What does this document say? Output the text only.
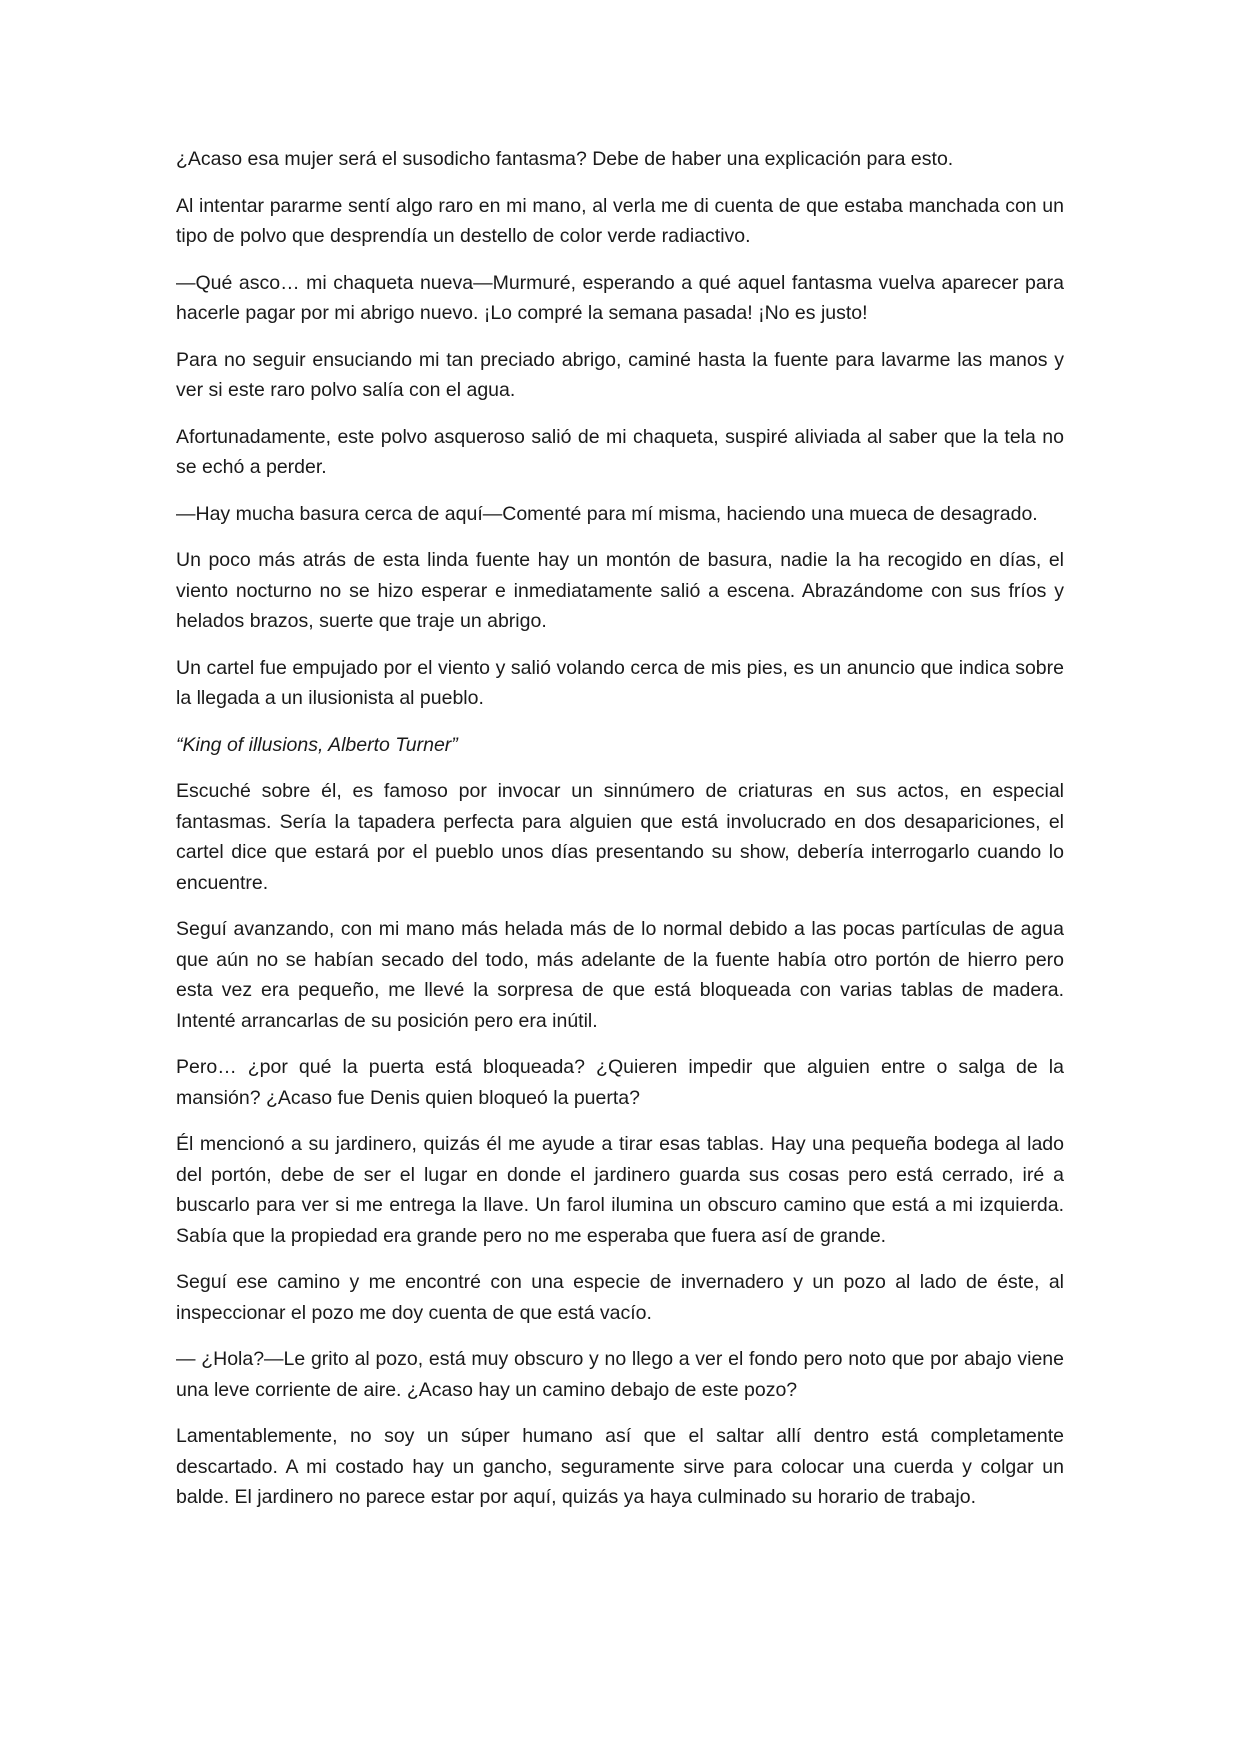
¿Acaso esa mujer será el susodicho fantasma? Debe de haber una explicación para esto.

Al intentar pararme sentí algo raro en mi mano, al verla me di cuenta de que estaba manchada con un tipo de polvo que desprendía un destello de color verde radiactivo.

—Qué asco… mi chaqueta nueva—Murmuré, esperando a qué aquel fantasma vuelva aparecer para hacerle pagar por mi abrigo nuevo. ¡Lo compré la semana pasada! ¡No es justo!

Para no seguir ensuciando mi tan preciado abrigo, caminé hasta la fuente para lavarme las manos y ver si este raro polvo salía con el agua.

Afortunadamente, este polvo asqueroso salió de mi chaqueta, suspiré aliviada al saber que la tela no se echó a perder.

—Hay mucha basura cerca de aquí—Comenté para mí misma, haciendo una mueca de desagrado.

Un poco más atrás de esta linda fuente hay un montón de basura, nadie la ha recogido en días, el viento nocturno no se hizo esperar e inmediatamente salió a escena. Abrazándome con sus fríos y helados brazos, suerte que traje un abrigo.

Un cartel fue empujado por el viento y salió volando cerca de mis pies, es un anuncio que indica sobre la llegada a un ilusionista al pueblo.

“King of illusions, Alberto Turner”

Escuché sobre él, es famoso por invocar un sinnúmero de criaturas en sus actos, en especial fantasmas. Sería la tapadera perfecta para alguien que está involucrado en dos desapariciones, el cartel dice que estará por el pueblo unos días presentando su show, debería interrogarlo cuando lo encuentre.

Seguí avanzando, con mi mano más helada más de lo normal debido a las pocas partículas de agua que aún no se habían secado del todo, más adelante de la fuente había otro portón de hierro pero esta vez era pequeño, me llevé la sorpresa de que está bloqueada con varias tablas de madera. Intenté arrancarlas de su posición pero era inútil.

Pero… ¿por qué la puerta está bloqueada? ¿Quieren impedir que alguien entre o salga de la mansión? ¿Acaso fue Denis quien bloqueó la puerta?

Él mencionó a su jardinero, quizás él me ayude a tirar esas tablas. Hay una pequeña bodega al lado del portón, debe de ser el lugar en donde el jardinero guarda sus cosas pero está cerrado, iré a buscarlo para ver si me entrega la llave. Un farol ilumina un obscuro camino que está a mi izquierda. Sabía que la propiedad era grande pero no me esperaba que fuera así de grande.

Seguí ese camino y me encontré con una especie de invernadero y un pozo al lado de éste, al inspeccionar el pozo me doy cuenta de que está vacío.

— ¿Hola?—Le grito al pozo, está muy obscuro y no llego a ver el fondo pero noto que por abajo viene una leve corriente de aire. ¿Acaso hay un camino debajo de este pozo?

Lamentablemente, no soy un súper humano así que el saltar allí dentro está completamente descartado. A mi costado hay un gancho, seguramente sirve para colocar una cuerda y colgar un balde. El jardinero no parece estar por aquí, quizás ya haya culminado su horario de trabajo.
